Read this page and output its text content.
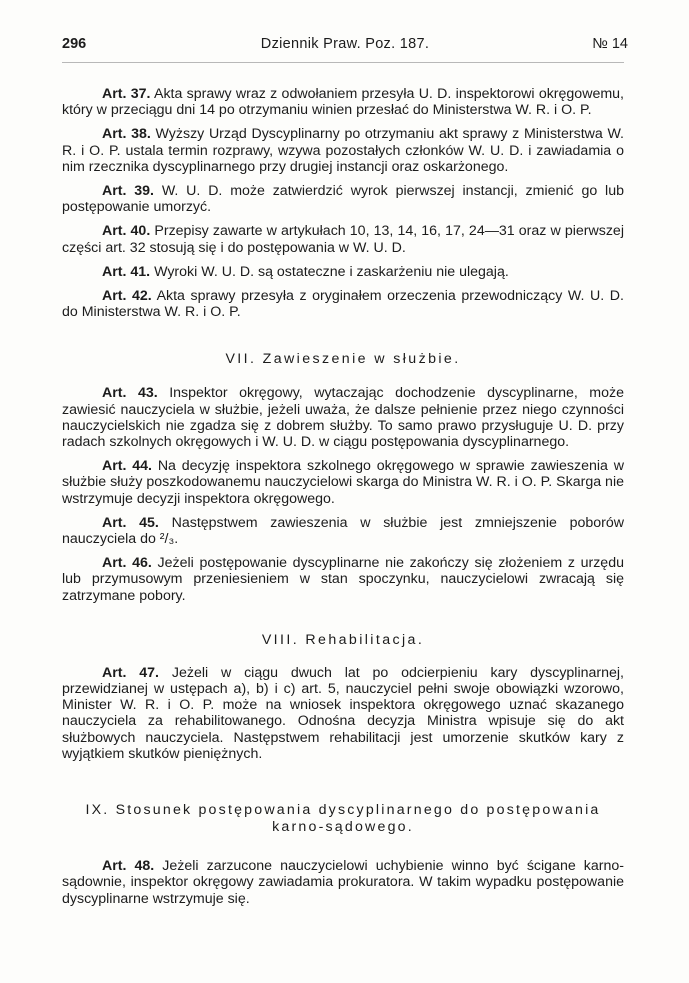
296	Dziennik Praw. Poz. 187.	№ 14

Art. 37. Akta sprawy wraz z odwołaniem przesyła U. D. inspektorowi okręgowemu, który w przeciągu dni 14 po otrzymaniu winien przesłać do Ministerstwa W. R. i O. P.

Art. 38. Wyższy Urząd Dyscyplinarny po otrzymaniu akt sprawy z Ministerstwa W. R. i O. P. ustala termin rozprawy, wzywa pozostałych członków W. U. D. i zawiadamia o nim rzecznika dyscyplinarnego przy drugiej instancji oraz oskarżonego.

Art. 39. W. U. D. może zatwierdzić wyrok pierwszej instancji, zmienić go lub postępowanie umorzyć.

Art. 40. Przepisy zawarte w artykułach 10, 13, 14, 16, 17, 24—31 oraz w pierwszej części art. 32 stosują się i do postępowania w W. U. D.

Art. 41. Wyroki W. U. D. są ostateczne i zaskarżeniu nie ulegają.

Art. 42. Akta sprawy przesyła z oryginałem orzeczenia przewodniczący W. U. D. do Ministerstwa W. R. i O. P.

VII. Zawieszenie w służbie.

Art. 43. Inspektor okręgowy, wytaczając dochodzenie dyscyplinarne, może zawiesić nauczyciela w służbie, jeżeli uważa, że dalsze pełnienie przez niego czynności nauczycielskich nie zgadza się z dobrem służby. To samo prawo przysługuje U. D. przy radach szkolnych okręgowych i W. U. D. w ciągu postępowania dyscyplinarnego.

Art. 44. Na decyzję inspektora szkolnego okręgowego w sprawie zawieszenia w służbie służy poszkodowanemu nauczycielowi skarga do Ministra W. R. i O. P. Skarga nie wstrzymuje decyzji inspektora okręgowego.

Art. 45. Następstwem zawieszenia w służbie jest zmniejszenie poborów nauczyciela do ²/₃.

Art. 46. Jeżeli postępowanie dyscyplinarne nie zakończy się złożeniem z urzędu lub przymusowym przeniesieniem w stan spoczynku, nauczycielowi zwracają się zatrzymane pobory.

VIII. Rehabilitacja.

Art. 47. Jeżeli w ciągu dwuch lat po odcierpieniu kary dyscyplinarnej, przewidzianej w ustępach a), b) i c) art. 5, nauczyciel pełni swoje obowiązki wzorowo, Minister W. R. i O. P. może na wniosek inspektora okręgowego uznać skazanego nauczyciela za rehabilitowanego. Odnośna decyzja Ministra wpisuje się do akt służbowych nauczyciela. Następstwem rehabilitacji jest umorzenie skutków kary z wyjątkiem skutków pieniężnych.

IX. Stosunek postępowania dyscyplinarnego do postępowania karno-sądowego.

Art. 48. Jeżeli zarzucone nauczycielowi uchybienie winno być ścigane karno-sądownie, inspektor okręgowy zawiadamia prokuratora. W takim wypadku postępowanie dyscyplinarne wstrzymuje się.
